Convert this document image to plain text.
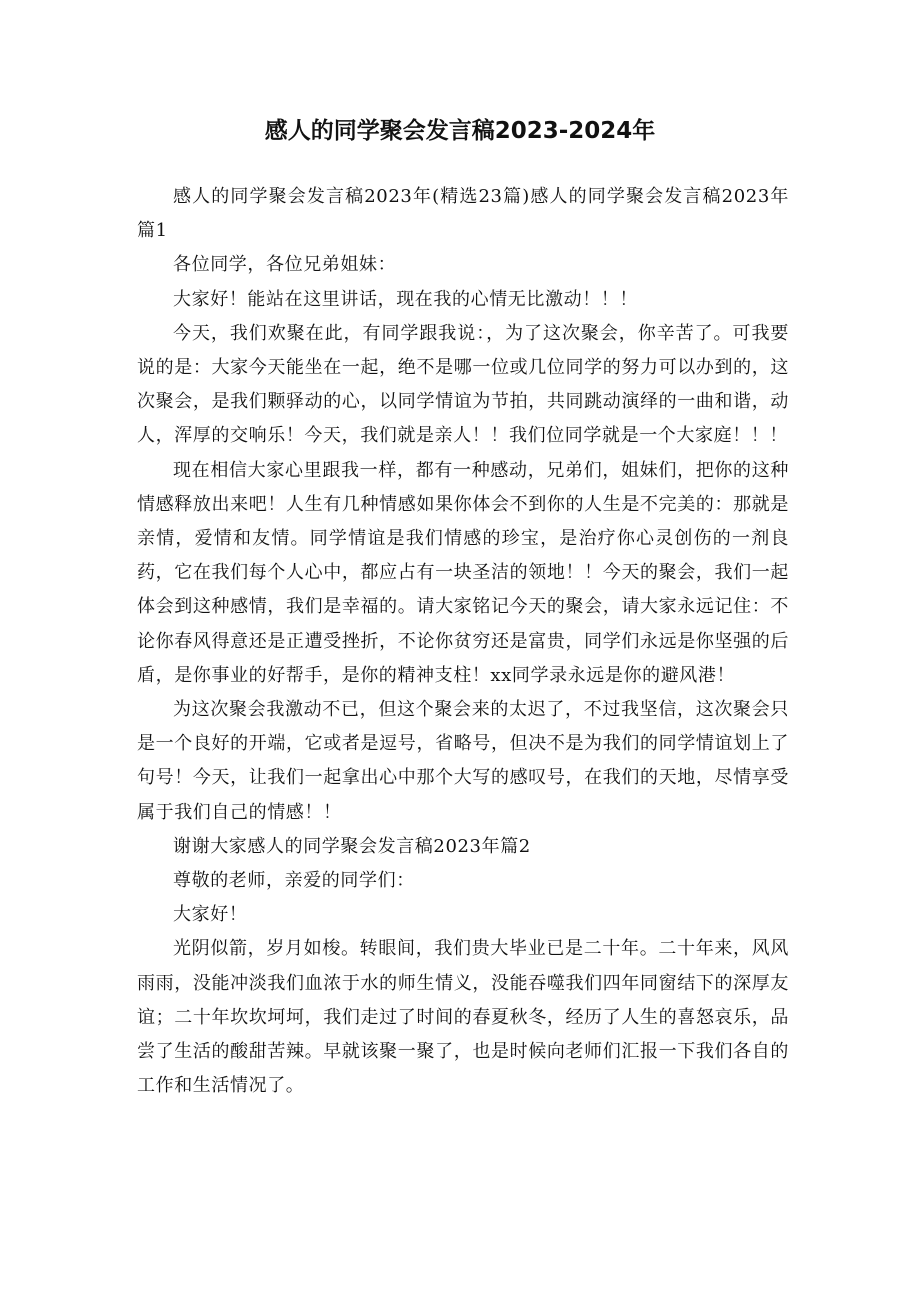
感人的同学聚会发言稿2023-2024年

感人的同学聚会发言稿2023年(精选23篇)感人的同学聚会发言稿2023年篇1

各位同学，各位兄弟姐妹：

大家好！能站在这里讲话，现在我的心情无比激动！！！

今天，我们欢聚在此，有同学跟我说：，为了这次聚会，你辛苦了。可我要说的是：大家今天能坐在一起，绝不是哪一位或几位同学的努力可以办到的，这次聚会，是我们颗驿动的心，以同学情谊为节拍，共同跳动演绎的一曲和谐，动人，浑厚的交响乐！今天，我们就是亲人！！我们位同学就是一个大家庭！！！

现在相信大家心里跟我一样，都有一种感动，兄弟们，姐妹们，把你的这种情感释放出来吧！人生有几种情感如果你体会不到你的人生是不完美的：那就是亲情，爱情和友情。同学情谊是我们情感的珍宝，是治疗你心灵创伤的一剂良药，它在我们每个人心中，都应占有一块圣洁的领地！！今天的聚会，我们一起体会到这种感情，我们是幸福的。请大家铭记今天的聚会，请大家永远记住：不论你春风得意还是正遭受挫折，不论你贫穷还是富贵，同学们永远是你坚强的后盾，是你事业的好帮手，是你的精神支柱！xx同学录永远是你的避风港！

为这次聚会我激动不已，但这个聚会来的太迟了，不过我坚信，这次聚会只是一个良好的开端，它或者是逗号，省略号，但决不是为我们的同学情谊划上了句号！今天，让我们一起拿出心中那个大写的感叹号，在我们的天地，尽情享受属于我们自己的情感！！

谢谢大家感人的同学聚会发言稿2023年篇2

尊敬的老师，亲爱的同学们：

大家好！

光阴似箭，岁月如梭。转眼间，我们贵大毕业已是二十年。二十年来，风风雨雨，没能冲淡我们血浓于水的师生情义，没能吞噬我们四年同窗结下的深厚友谊；二十年坎坎坷坷，我们走过了时间的春夏秋冬，经历了人生的喜怒哀乐，品尝了生活的酸甜苦辣。早就该聚一聚了，也是时候向老师们汇报一下我们各自的工作和生活情况了。
